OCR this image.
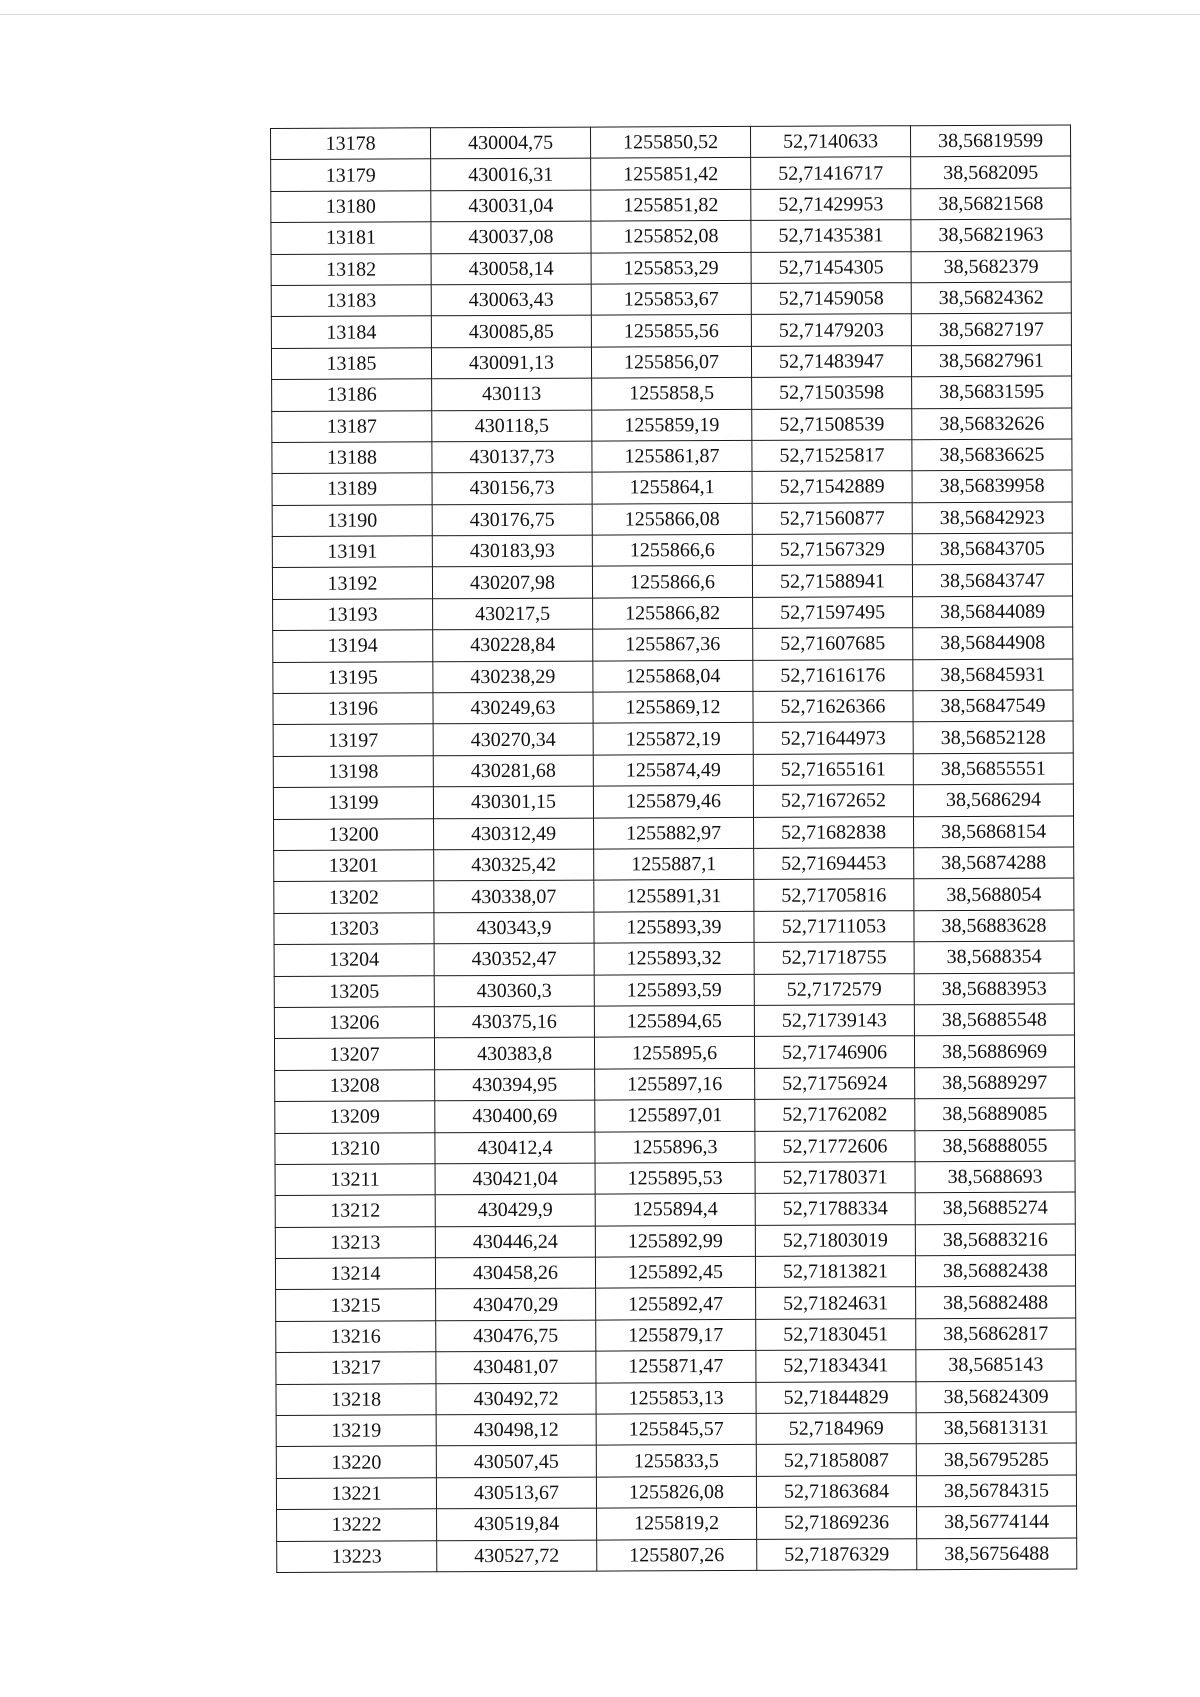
13178	430004,75	1255850,52	52,7140633	38,56819599
13179	430016,31	1255851,42	52,71416717	38,5682095
13180	430031,04	1255851,82	52,71429953	38,56821568
13181	430037,08	1255852,08	52,71435381	38,56821963
13182	430058,14	1255853,29	52,71454305	38,5682379
13183	430063,43	1255853,67	52,71459058	38,56824362
13184	430085,85	1255855,56	52,71479203	38,56827197
13185	430091,13	1255856,07	52,71483947	38,56827961
13186	430113	1255858,5	52,71503598	38,56831595
13187	430118,5	1255859,19	52,71508539	38,56832626
13188	430137,73	1255861,87	52,71525817	38,56836625
13189	430156,73	1255864,1	52,71542889	38,56839958
13190	430176,75	1255866,08	52,71560877	38,56842923
13191	430183,93	1255866,6	52,71567329	38,56843705
13192	430207,98	1255866,6	52,71588941	38,56843747
13193	430217,5	1255866,82	52,71597495	38,56844089
13194	430228,84	1255867,36	52,71607685	38,56844908
13195	430238,29	1255868,04	52,71616176	38,56845931
13196	430249,63	1255869,12	52,71626366	38,56847549
13197	430270,34	1255872,19	52,71644973	38,56852128
13198	430281,68	1255874,49	52,71655161	38,56855551
13199	430301,15	1255879,46	52,71672652	38,5686294
13200	430312,49	1255882,97	52,71682838	38,56868154
13201	430325,42	1255887,1	52,71694453	38,56874288
13202	430338,07	1255891,31	52,71705816	38,5688054
13203	430343,9	1255893,39	52,71711053	38,56883628
13204	430352,47	1255893,32	52,71718755	38,5688354
13205	430360,3	1255893,59	52,7172579	38,56883953
13206	430375,16	1255894,65	52,71739143	38,56885548
13207	430383,8	1255895,6	52,71746906	38,56886969
13208	430394,95	1255897,16	52,71756924	38,56889297
13209	430400,69	1255897,01	52,71762082	38,56889085
13210	430412,4	1255896,3	52,71772606	38,56888055
13211	430421,04	1255895,53	52,71780371	38,5688693
13212	430429,9	1255894,4	52,71788334	38,56885274
13213	430446,24	1255892,99	52,71803019	38,56883216
13214	430458,26	1255892,45	52,71813821	38,56882438
13215	430470,29	1255892,47	52,71824631	38,56882488
13216	430476,75	1255879,17	52,71830451	38,56862817
13217	430481,07	1255871,47	52,71834341	38,5685143
13218	430492,72	1255853,13	52,71844829	38,56824309
13219	430498,12	1255845,57	52,7184969	38,56813131
13220	430507,45	1255833,5	52,71858087	38,56795285
13221	430513,67	1255826,08	52,71863684	38,56784315
13222	430519,84	1255819,2	52,71869236	38,56774144
13223	430527,72	1255807,26	52,71876329	38,56756488
